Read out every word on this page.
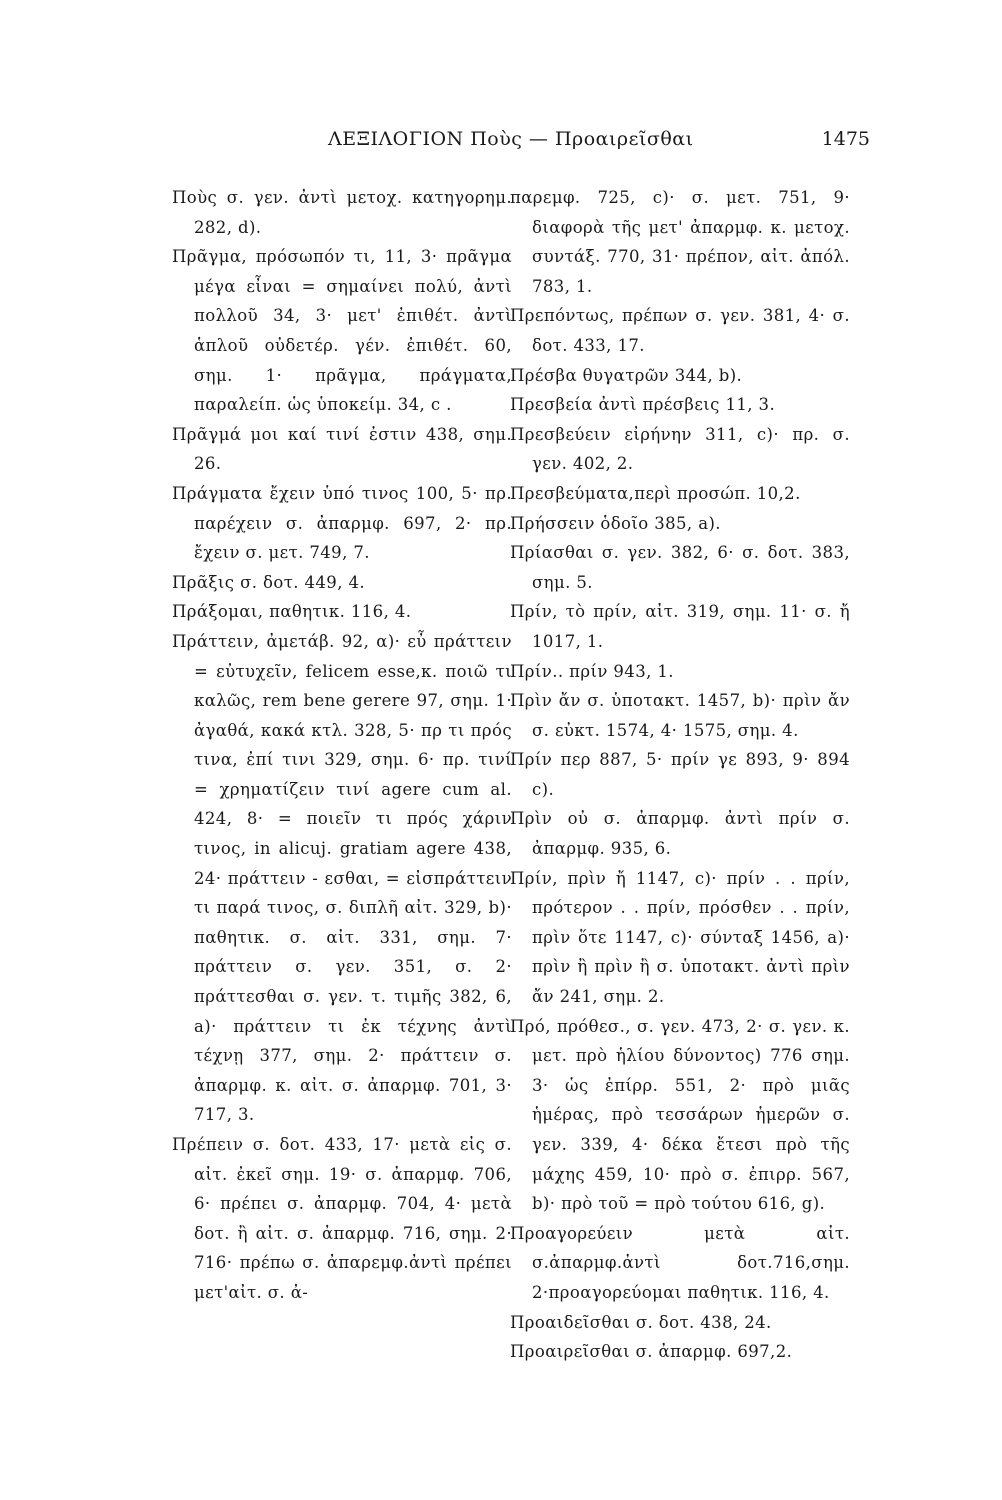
ΛΕΞΙΛΟΓΙΟΝ Ποὺς — Προαιρεῖσθαι	1475
Ποὺς σ. γεν. ἀντὶ μετοχ. κατηγορημ. 282, d).
Πρᾶγμα, πρόσωπόν τι, 11, 3· πρᾶγμα μέγα εἶναι = σημαίνει πολύ, ἀντὶ πολλοῦ 34, 3· μετ' ἐπιθέτ. ἀντὶ ἁπλοῦ οὐδετέρ. γέν. ἐπιθέτ. 60, σημ. 1· πρᾶγμα, πράγματα, παραλείπ. ὡς ὑποκείμ. 34, c .
Πρᾶγμά μοι καί τινί ἐστιν 438, σημ. 26.
Πράγματα ἔχειν ὑπό τινος 100, 5· πρ. παρέχειν σ. ἀπαρμφ. 697, 2· πρ. ἔχειν σ. μετ. 749, 7.
Πρᾶξις σ. δοτ. 449, 4.
Πράξομαι, παθητικ. 116, 4.
Πράττειν, ἀμετάβ. 92, α)· εὖ πράττειν = εὐτυχεῖν, felicem esse,κ. ποιῶ τι καλῶς, rem bene gerere 97, σημ. 1· ἀγαθά, κακά κτλ. 328, 5· πρ τι πρός τινα, ἐπί τινι 329, σημ. 6· πρ. τινί = χρηματίζειν τινί agere cum al. 424, 8· = ποιεῖν τι πρός χάριν τινος, in alicuj. gratiam agere 438, 24· πράττειν - εσθαι, = εἰσπράττειν τι παρά τινος, σ. διπλῆ αἰτ. 329, b)· παθητικ. σ. αἰτ. 331, σημ. 7· πράττειν σ. γεν. 351, σ. 2· πράττεσθαι σ. γεν. τ. τιμῆς 382, 6, a)· πράττειν τι ἐκ τέχνης ἀντὶ τέχνῃ 377, σημ. 2· πράττειν σ. ἀπαρμφ. κ. αἰτ. σ. ἀπαρμφ. 701, 3· 717, 3.
Πρέπειν σ. δοτ. 433, 17· μετὰ εἰς σ. αἰτ. ἐκεῖ σημ. 19· σ. ἀπαρμφ. 706, 6· πρέπει σ. ἀπαρμφ. 704, 4· μετὰ δοτ. ἢ αἰτ. σ. ἀπαρμφ. 716, σημ. 2· 716· πρέπω σ. ἀπαρεμφ.ἀντὶ πρέπει μετ'αἰτ. σ. ἀ-
παρεμφ. 725, c)· σ. μετ. 751, 9· διαφορὰ τῆς μετ' ἀπαρμφ. κ. μετοχ. συντάξ. 770, 31· πρέπον, αἰτ. ἀπόλ. 783, 1.
Πρεπόντως, πρέπων σ. γεν. 381, 4· σ. δοτ. 433, 17.
Πρέσβα θυγατρῶν 344, b).
Πρεσβεία ἀντὶ πρέσβεις 11, 3.
Πρεσβεύειν εἰρήνην 311, c)· πρ. σ. γεν. 402, 2.
Πρεσβεύματα,περὶ προσώπ. 10,2.
Πρήσσειν ὁδοῖο 385, a).
Πρίασθαι σ. γεν. 382, 6· σ. δοτ. 383, σημ. 5.
Πρίν, τὸ πρίν, αἰτ. 319, σημ. 11· σ. ἤ 1017, 1.
Πρίν.. πρίν 943, 1.
Πρὶν ἄν σ. ὑποτακτ. 1457, b)· πρὶν ἄν σ. εὐκτ. 1574, 4· 1575, σημ. 4.
Πρίν περ 887, 5· πρίν γε 893, 9· 894 c).
Πρὶν οὐ σ. ἀπαρμφ. ἀντὶ πρίν σ. ἀπαρμφ. 935, 6.
Πρίν, πρὶν ἤ 1147, c)· πρίν . . πρίν, πρότερον . . πρίν, πρόσθεν . . πρίν, πρὶν ὅτε 1147, c)· σύνταξ 1456, a)· πρὶν ἢ πρὶν ἢ σ. ὑποτακτ. ἀντὶ πρὶν ἄν 241, σημ. 2.
Πρό, πρόθεσ., σ. γεν. 473, 2· σ. γεν. κ. μετ. πρὸ ἡλίου δύνοντος) 776 σημ. 3· ὡς ἐπίρρ. 551, 2· πρὸ μιᾶς ἡμέρας, πρὸ τεσσάρων ἡμερῶν σ. γεν. 339, 4· δέκα ἔτεσι πρὸ τῆς μάχης 459, 10· πρὸ σ. ἐπιρρ. 567, b)· πρὸ τοῦ = πρὸ τούτου 616, g).
Προαγορεύειν μετὰ αἰτ. σ.ἀπαρμφ.ἀντὶ δοτ.716,σημ. 2·προαγορεύομαι παθητικ. 116, 4.
Προαιδεῖσθαι σ. δοτ. 438, 24.
Προαιρεῖσθαι σ. ἀπαρμφ. 697,2.
